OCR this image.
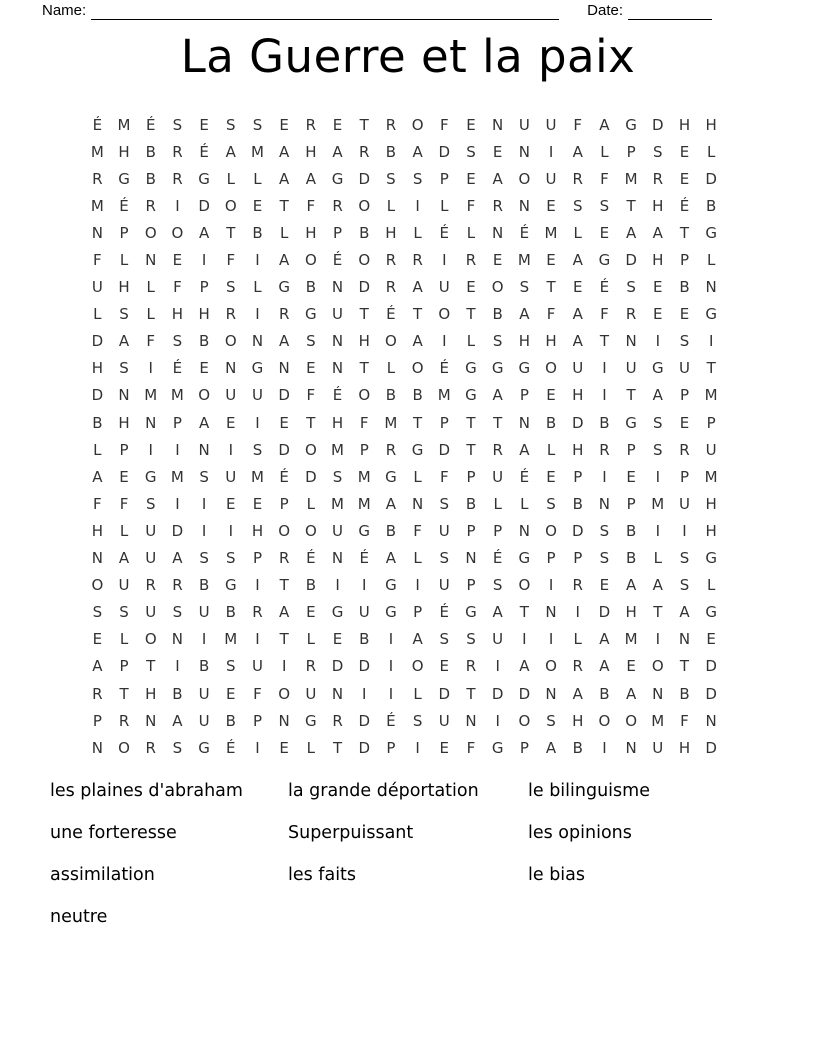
Name:	Date:
La Guerre et la paix
É	M	É	S	E	S	S	E	R	E	T	R	O	F	E	N	U	U	F	A	G	D	H	H
M H	B	R	É	A	M	A	H	A	R	B	A	D	S	E	N	I	A	L	P	S	E	L
R	G	B	R	G	L	L	A	A	G	D	S	S	P	E	A	O	U	R	F	M	R	E	D
M	É	R	I	D	O	E	T	F	R	O	L	I	L	F	R	N	E	S	S	T	H	É	B
N	P	O O	A	T	B	L	H	P	B	H	L	É	L	N	É	M	L	E	A	A	T	G
F	L	N	E	I	F	I	A	O	É	O	R	R	I	R	E	M	E	A	G	D	H	P	L
U	H	L	F	P	S	L	G	B	N	D	R	A	U	E	O	S	T	E	É	S	E	B	N
L	S	L	H	H	R	I	R	G	U	T	É	T	O	T	B	A	F	A	F	R	E	E	G
D	A	F	S	B	O	N	A	S	N	H	O	A	I	L	S	H	H	A	T	N	I	S	I
H	S	I	É	E	N	G	N	E	N	T	L	O	É	G	G	G O	U	I	U	G	U	T
D	N M M O	U	U	D	F	É	O	B	B	M G	A	P	E	H	I	T	A	P	M
B	H	N	P	A	E	I	E	T	H	F	M	T	P	T	T	N	B	D	B	G	S	E	P
L	P	I	I	N	I	S	D	O M	P	R	G	D	T	R	A	L	H	R	P	S	R	U
A	E	G M	S	U M	É	D	S	M G	L	F	P	U	É	E	P	I	E	I	P	M
F	F	S	I	I	E	E	P	L	M M	A	N	S	B	L	L	S	B	N	P	M U	H
H	L	U	D	I	I	H	O O	U	G	B	F	U	P	P	N	O	D	S	B	I	I	H
N	A	U	A	S	S	P	R	É	N	É	A	L	S	N	É	G	P	P	S	B	L	S	G
O	U	R	R	B	G	I	T	B	I	I	G	I	U	P	S	O	I	R	E	A	A	S	L
S	S	U	S	U	B	R	A	E	G	U	G	P	É	G	A	T	N	I	D	H	T	A	G
E	L	O	N	I	M	I	T	L	E	B	I	A	S	S	U	I	I	L	A	M	I	N	E
A	P	T	I	B	S	U	I	R	D	D	I	O	E	R	I	A	O	R	A	E	O	T	D
R	T	H	B	U	E	F	O	U	N	I	I	L	D	T	D	D	N	A	B	A	N	B	D
P	R	N	A	U	B	P	N	G	R	D	É	S	U	N	I	O	S	H	O O M	F	N
N	O	R	S	G	É	I	E	L	T	D	P	I	E	F	G	P	A	B	I	N	U	H	D
les plaines d'abraham
une forteresse
assimilation
neutre
la grande déportation
Superpuissant
les faits
le bilinguisme
les opinions
le bias
